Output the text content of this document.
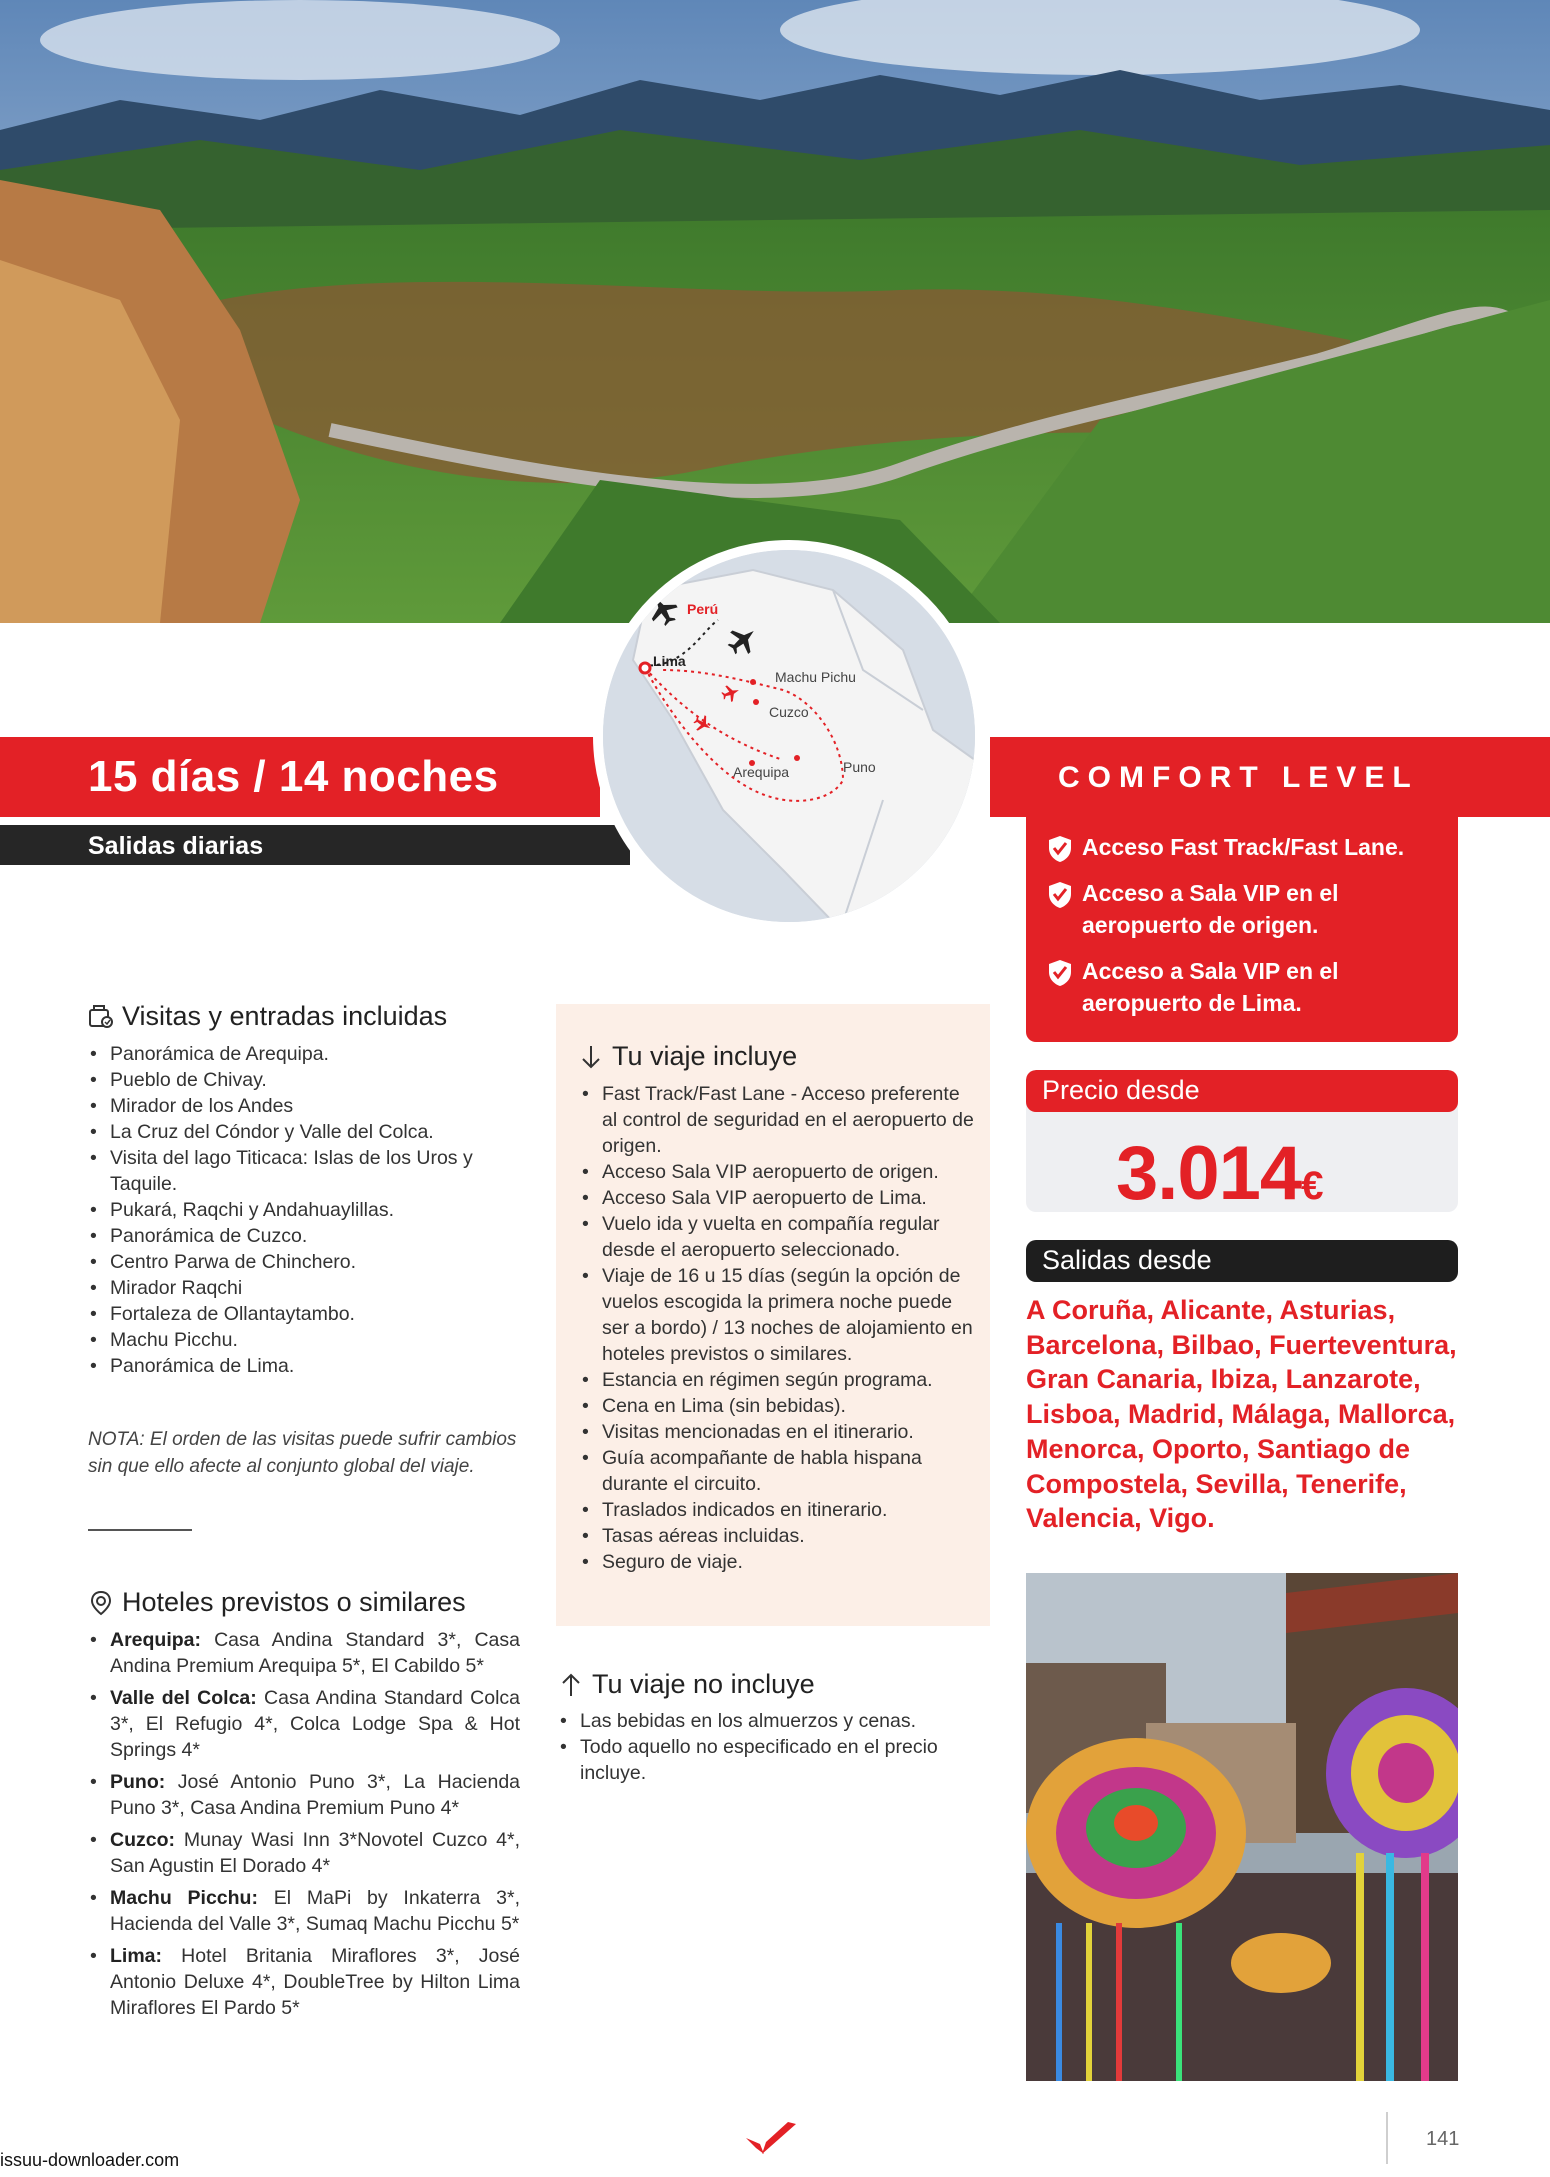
15 días / 14 noches
Salidas diarias
Perú
Lima
Machu Pichu
Cuzco
Arequipa	Puno	COMFORT LEVEL
Acceso Fast Track/Fast Lane.
Acceso a Sala VIP en el aeropuerto de origen.
Acceso a Sala VIP en el aeropuerto de Lima.
Precio desde
3.014€
Salidas desde
A Coruña, Alicante, Asturias, Barcelona, Bilbao, Fuerteventura, Gran Canaria, Ibiza, Lanzarote, Lisboa, Madrid, Málaga, Mallorca, Menorca, Oporto, Santiago de Compostela, Sevilla, Tenerife, Valencia, Vigo.
Visitas y entradas incluidas
• Panorámica de Arequipa.
• Pueblo de Chivay.
• Mirador de los Andes
• La Cruz del Cóndor y Valle del Colca.
• Visita del lago Titicaca: Islas de los Uros y Taquile.
• Pukará, Raqchi y Andahuaylillas.
• Panorámica de Cuzco.
• Centro Parwa de Chinchero.
• Mirador Raqchi
• Fortaleza de Ollantaytambo.
• Machu Picchu.
• Panorámica de Lima.
NOTA: El orden de las visitas puede sufrir cambios sin que ello afecte al conjunto global del viaje.
Hoteles previstos o similares
• Arequipa: Casa Andina Standard 3*, Casa Andina Premium Arequipa 5*, El Cabildo 5*
• Valle del Colca: Casa Andina Standard Colca 3*, El Refugio 4*, Colca Lodge Spa & Hot Springs 4*
• Puno: José Antonio Puno 3*, La Hacienda Puno 3*, Casa Andina Premium Puno 4*
• Cuzco: Munay Wasi Inn 3*Novotel Cuzco 4*, San Agustin El Dorado 4*
• Machu Picchu: El MaPi by Inkaterra 3*, Hacienda del Valle 3*, Sumaq Machu Picchu 5*
• Lima: Hotel Britania Miraflores 3*, José Antonio Deluxe 4*, DoubleTree by Hilton Lima Miraflores El Pardo 5*
Tu viaje incluye
• Fast Track/Fast Lane - Acceso preferente al control de seguridad en el aeropuerto de origen.
• Acceso Sala VIP aeropuerto de origen.
• Acceso Sala VIP aeropuerto de Lima.
• Vuelo ida y vuelta en compañía regular desde el aeropuerto seleccionado.
• Viaje de 16 u 15 días (según la opción de vuelos escogida la primera noche puede ser a bordo) / 13 noches de alojamiento en hoteles previstos o similares.
• Estancia en régimen según programa.
• Cena en Lima (sin bebidas).
• Visitas mencionadas en el itinerario.
• Guía acompañante de habla hispana durante el circuito.
• Traslados indicados en itinerario.
• Tasas aéreas incluidas.
• Seguro de viaje.
Tu viaje no incluye
• Las bebidas en los almuerzos y cenas.
• Todo aquello no especificado en el precio incluye.
141
issuu-downloader.com
